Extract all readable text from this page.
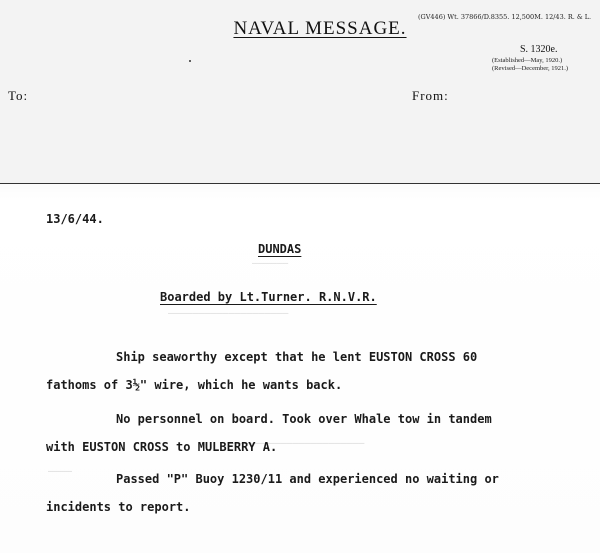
(GV446) Wt. 37866/D.8355. 12,500M. 12/43. R. & L.
NAVAL MESSAGE.
S. 1320e.
(Established—May, 1920.)
(Revised—December, 1921.)
To:	From:
——————
————————————————————
——————————————————————
————
13/6/44.
DUNDAS
Boarded by Lt.Turner. R.N.V.R.
Ship seaworthy except that he lent EUSTON CROSS 60
fathoms of 3½" wire, which he wants back.
No personnel on board. Took over Whale tow in tandem
with EUSTON CROSS to MULBERRY A.
Passed "P" Buoy 1230/11 and experienced no waiting or
incidents to report.
